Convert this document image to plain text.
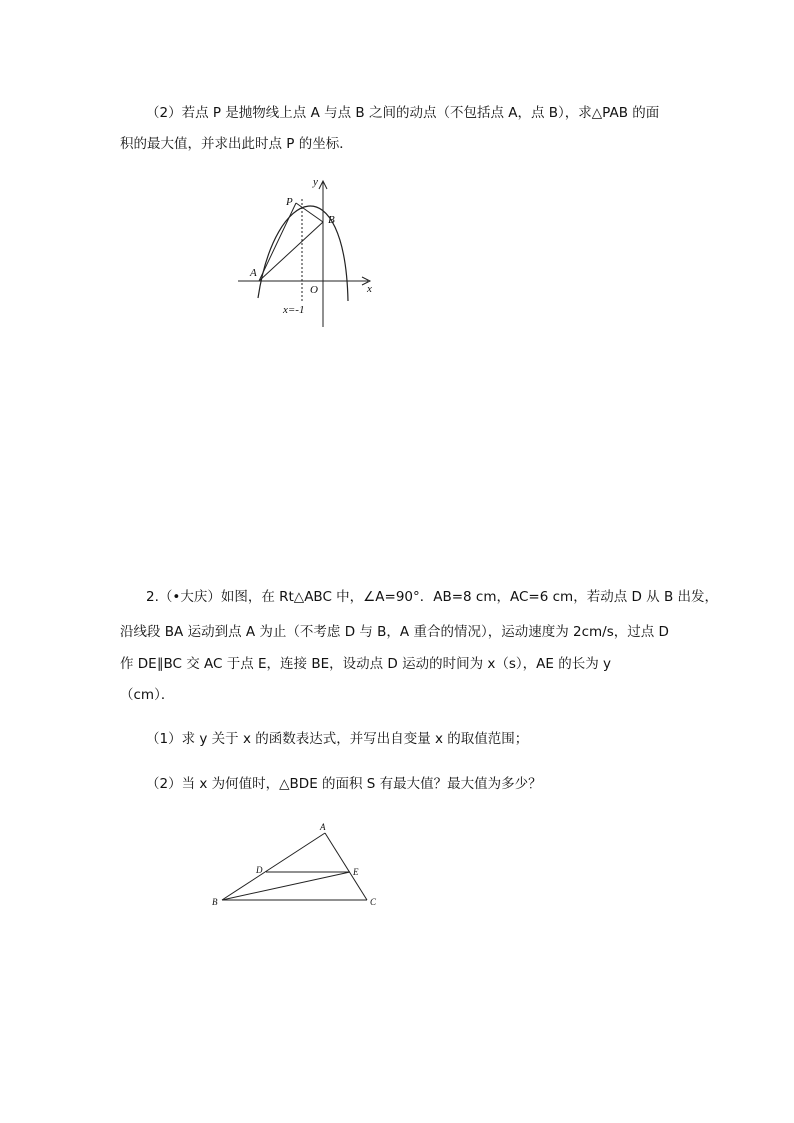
（2）若点 P 是抛物线上点 A 与点 B 之间的动点（不包括点 A，点 B），求△PAB 的面
积的最大值，并求出此时点 P 的坐标．
y
x
O
P
A
B
x=-1
2.（•大庆）如图，在 Rt△ABC 中，∠A=90°．AB=8 cm，AC=6 cm，若动点 D 从 B 出发，
沿线段 BA 运动到点 A 为止（不考虑 D 与 B，A 重合的情况），运动速度为 2cm/s，过点 D
作 DE∥BC 交 AC 于点 E，连接 BE，设动点 D 运动的时间为 x（s），AE 的长为 y
（cm）．
（1）求 y 关于 x 的函数表达式，并写出自变量 x 的取值范围；
（2）当 x 为何值时，△BDE 的面积 S 有最大值？最大值为多少？
A
B	C
D	E
